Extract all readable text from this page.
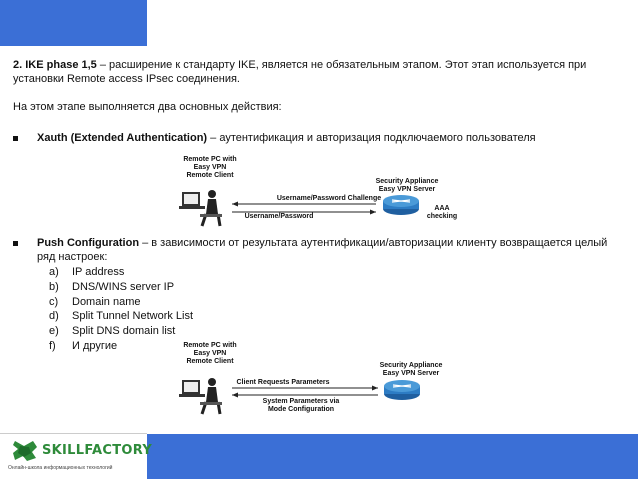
2. IKE phase 1,5 – расширение к стандарту IKE, является не обязательным этапом. Этот этап используется при установки Remote access IPsec соединения.

На этом этапе выполняется два основных действия:

Xauth (Extended Authentication) – аутентификация и авторизация подключаемого пользователя
Remote PC with
Easy VPN
Remote Client
Security Appliance
Easy VPN Server
Username/Password Challenge
Username/Password
AAA
checking
Push Configuration – в зависимости от результата аутентификации/авторизации клиенту возвращается целый ряд настроек:
a) IP address
b) DNS/WINS server IP
c) Domain name
d) Split Tunnel Network List
e) Split DNS domain list
f) И другие	Remote PC with
Easy VPN
Remote Client
Security Appliance
Easy VPN Server
Client Requests Parameters
System Parameters via
Mode Configuration
SKILLFACTORY
Онлайн-школа информационных технологий
